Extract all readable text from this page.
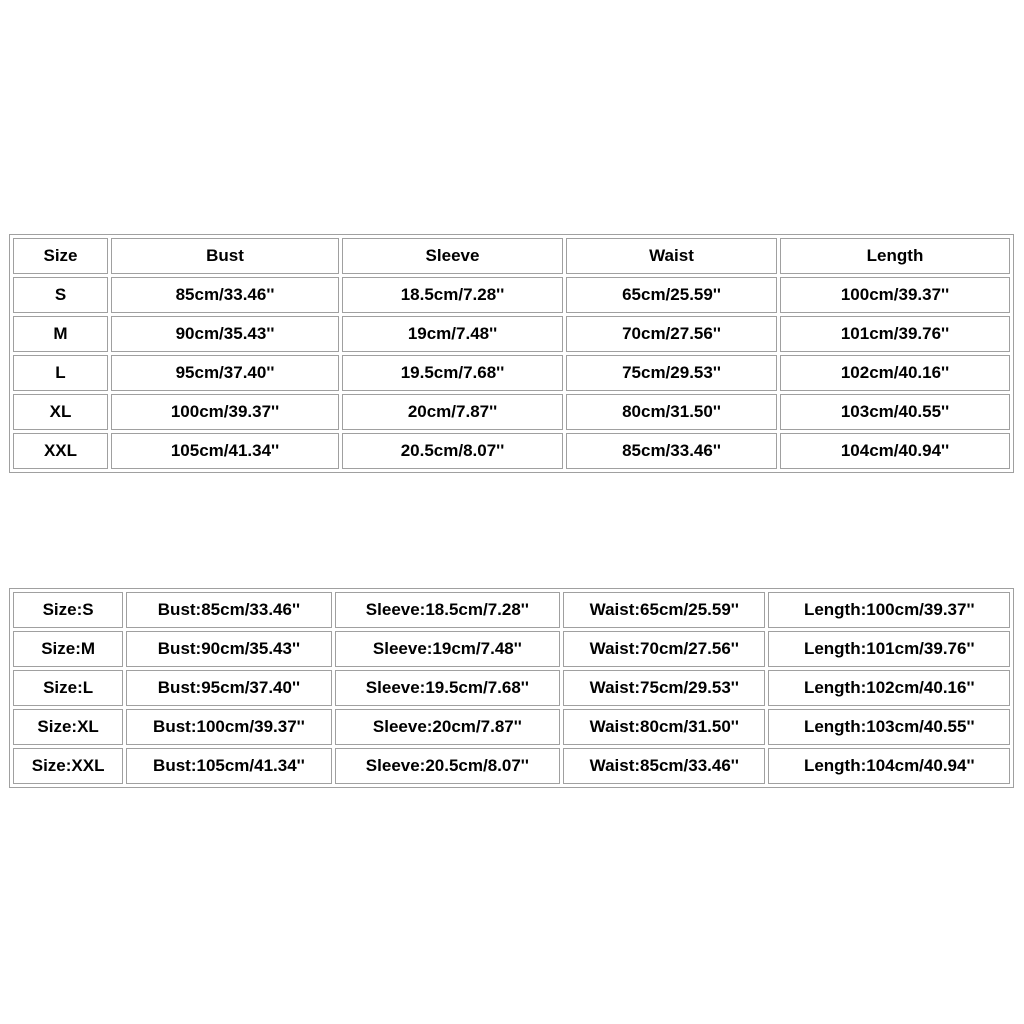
Size	Bust	Sleeve	Waist	Length
S	85cm/33.46''	18.5cm/7.28''	65cm/25.59''	100cm/39.37''
M	90cm/35.43''	19cm/7.48''	70cm/27.56''	101cm/39.76''
L	95cm/37.40''	19.5cm/7.68''	75cm/29.53''	102cm/40.16''
XL	100cm/39.37''	20cm/7.87''	80cm/31.50''	103cm/40.55''
XXL	105cm/41.34''	20.5cm/8.07''	85cm/33.46''	104cm/40.94''
Size:S	Bust:85cm/33.46''	Sleeve:18.5cm/7.28''	Waist:65cm/25.59''	Length:100cm/39.37''
Size:M	Bust:90cm/35.43''	Sleeve:19cm/7.48''	Waist:70cm/27.56''	Length:101cm/39.76''
Size:L	Bust:95cm/37.40''	Sleeve:19.5cm/7.68''	Waist:75cm/29.53''	Length:102cm/40.16''
Size:XL	Bust:100cm/39.37''	Sleeve:20cm/7.87''	Waist:80cm/31.50''	Length:103cm/40.55''
Size:XXL	Bust:105cm/41.34''	Sleeve:20.5cm/8.07''	Waist:85cm/33.46''	Length:104cm/40.94''
